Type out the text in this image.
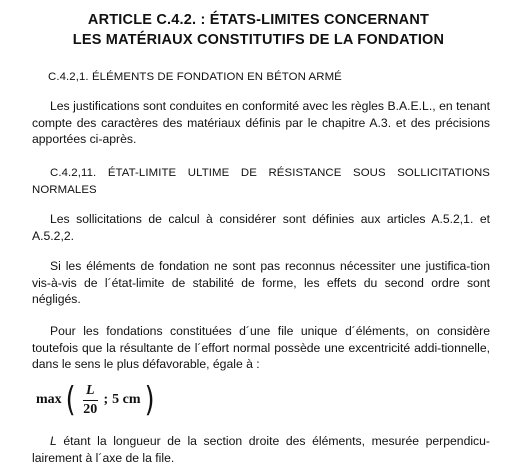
ARTICLE C.4.2. : ÉTATS-LIMITES CONCERNANT
LES MATÉRIAUX CONSTITUTIFS DE LA FONDATION

C.4.2,1. ÉLÉMENTS DE FONDATION EN BÉTON ARMÉ

Les justifications sont conduites en conformité avec les règles B.A.E.L., en tenant compte des caractères des matériaux définis par le chapitre A.3. et des précisions apportées ci-après.

C.4.2,11. ÉTAT-LIMITE ULTIME DE RÉSISTANCE SOUS SOLLICITATIONS NORMALES

Les sollicitations de calcul à considérer sont définies aux articles A.5.2,1. et A.5.2,2.

Si les éléments de fondation ne sont pas reconnus nécessiter une justifica-tion vis-à-vis de l´état-limite de stabilité de forme, les effets du second ordre sont négligés.

Pour les fondations constituées d´une file unique d´éléments, on considère toutefois que la résultante de l´effort normal possède une excentricité addi-tionnelle, dans le sens le plus défavorable, égale à :

max ( $\frac{L}{20}$ ; 5 cm )

L étant la longueur de la section droite des éléments, mesurée perpendicu-lairement à l´axe de la file.
